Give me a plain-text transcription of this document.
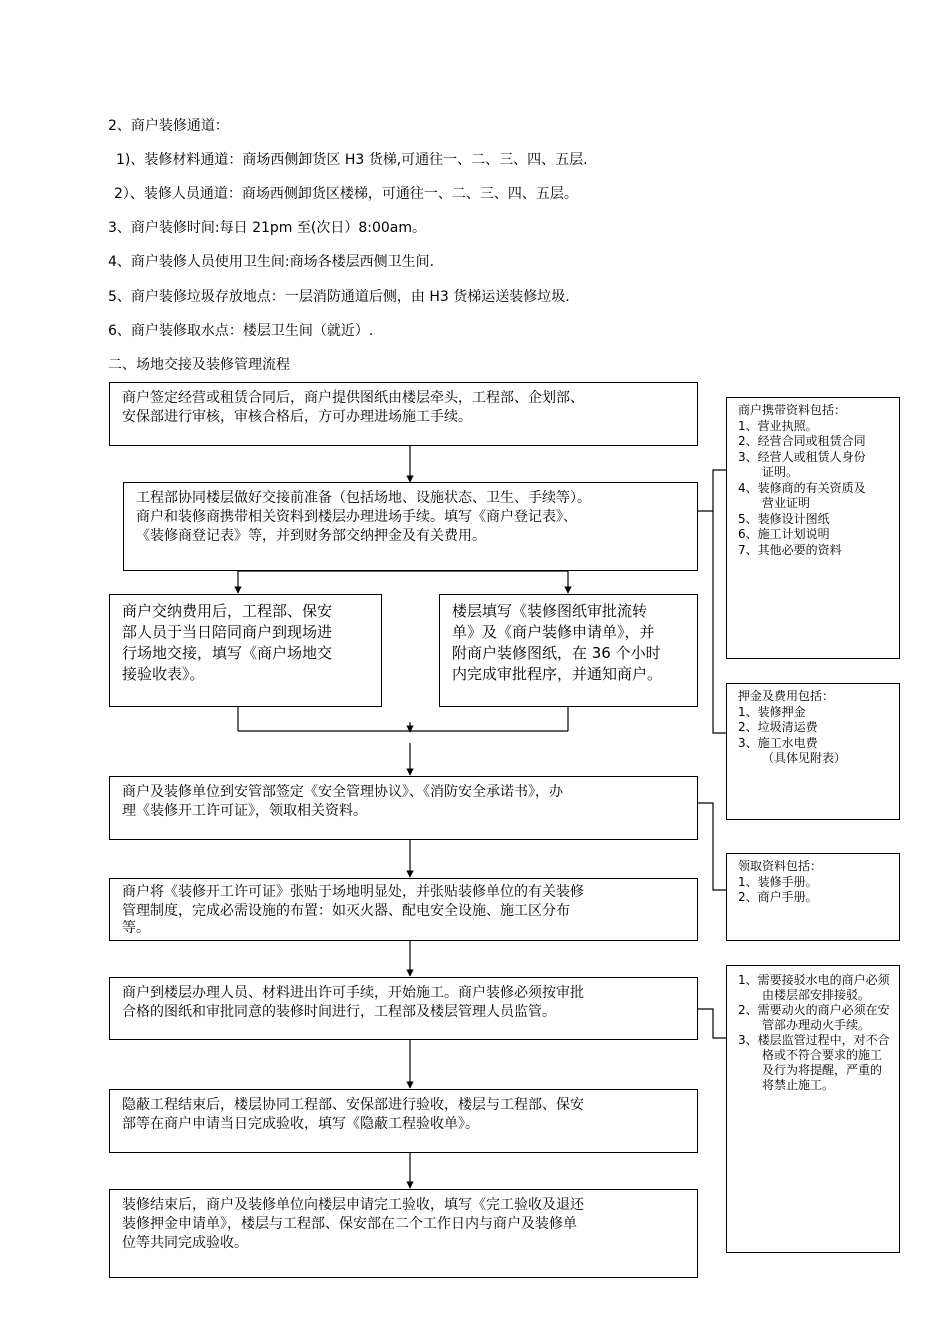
2、商户装修通道：
1)、装修材料通道：商场西侧卸货区 H3 货梯,可通往一、二、三、四、五层.
2）、装修人员通道：商场西侧卸货区楼梯，可通往一、二、三、四、五层。
3、商户装修时间:每日 21pm 至(次日）8:00am。
4、商户装修人员使用卫生间:商场各楼层西侧卫生间.
5、商户装修垃圾存放地点：一层消防通道后侧，由 H3 货梯运送装修垃圾.
6、商户装修取水点：楼层卫生间（就近）.
二、场地交接及装修管理流程
商户签定经营或租赁合同后，商户提供图纸由楼层牵头，工程部、企划部、
安保部进行审核，审核合格后，方可办理进场施工手续。
工程部协同楼层做好交接前准备（包括场地、设施状态、卫生、手续等）。
商户和装修商携带相关资料到楼层办理进场手续。填写《商户登记表》、
《装修商登记表》等，并到财务部交纳押金及有关费用。
商户交纳费用后，工程部、保安
部人员于当日陪同商户到现场进
行场地交接，填写《商户场地交
接验收表》。
楼层填写《装修图纸审批流转
单》及《商户装修申请单》，并
附商户装修图纸，在 36 个小时
内完成审批程序，并通知商户。
商户及装修单位到安管部签定《安全管理协议》、《消防安全承诺书》，办
理《装修开工许可证》，领取相关资料。
商户将《装修开工许可证》张贴于场地明显处，并张贴装修单位的有关装修
管理制度，完成必需设施的布置：如灭火器、配电安全设施、施工区分布
等。
商户到楼层办理人员、材料进出许可手续，开始施工。商户装修必须按审批
合格的图纸和审批同意的装修时间进行，工程部及楼层管理人员监管。
隐蔽工程结束后，楼层协同工程部、安保部进行验收，楼层与工程部、保安
部等在商户申请当日完成验收，填写《隐蔽工程验收单》。
装修结束后，商户及装修单位向楼层申请完工验收，填写《完工验收及退还
装修押金申请单》，楼层与工程部、保安部在二个工作日内与商户及装修单
位等共同完成验收。
商户携带资料包括：
1、营业执照。
2、经营合同或租赁合同
3、经营人或租赁人身份
证明。
4、装修商的有关资质及
营业证明
5、装修设计图纸
6、施工计划说明
7、其他必要的资料
押金及费用包括：
1、装修押金
2、垃圾清运费
3、施工水电费
（具体见附表）
领取资料包括：
1、装修手册。
2、商户手册。
1、需要接驳水电的商户必须由楼层部安排接驳。
2、需要动火的商户必须在安管部办理动火手续。
3、楼层监管过程中，对不合格或不符合要求的施工及行为将提醒，严重的将禁止施工。
